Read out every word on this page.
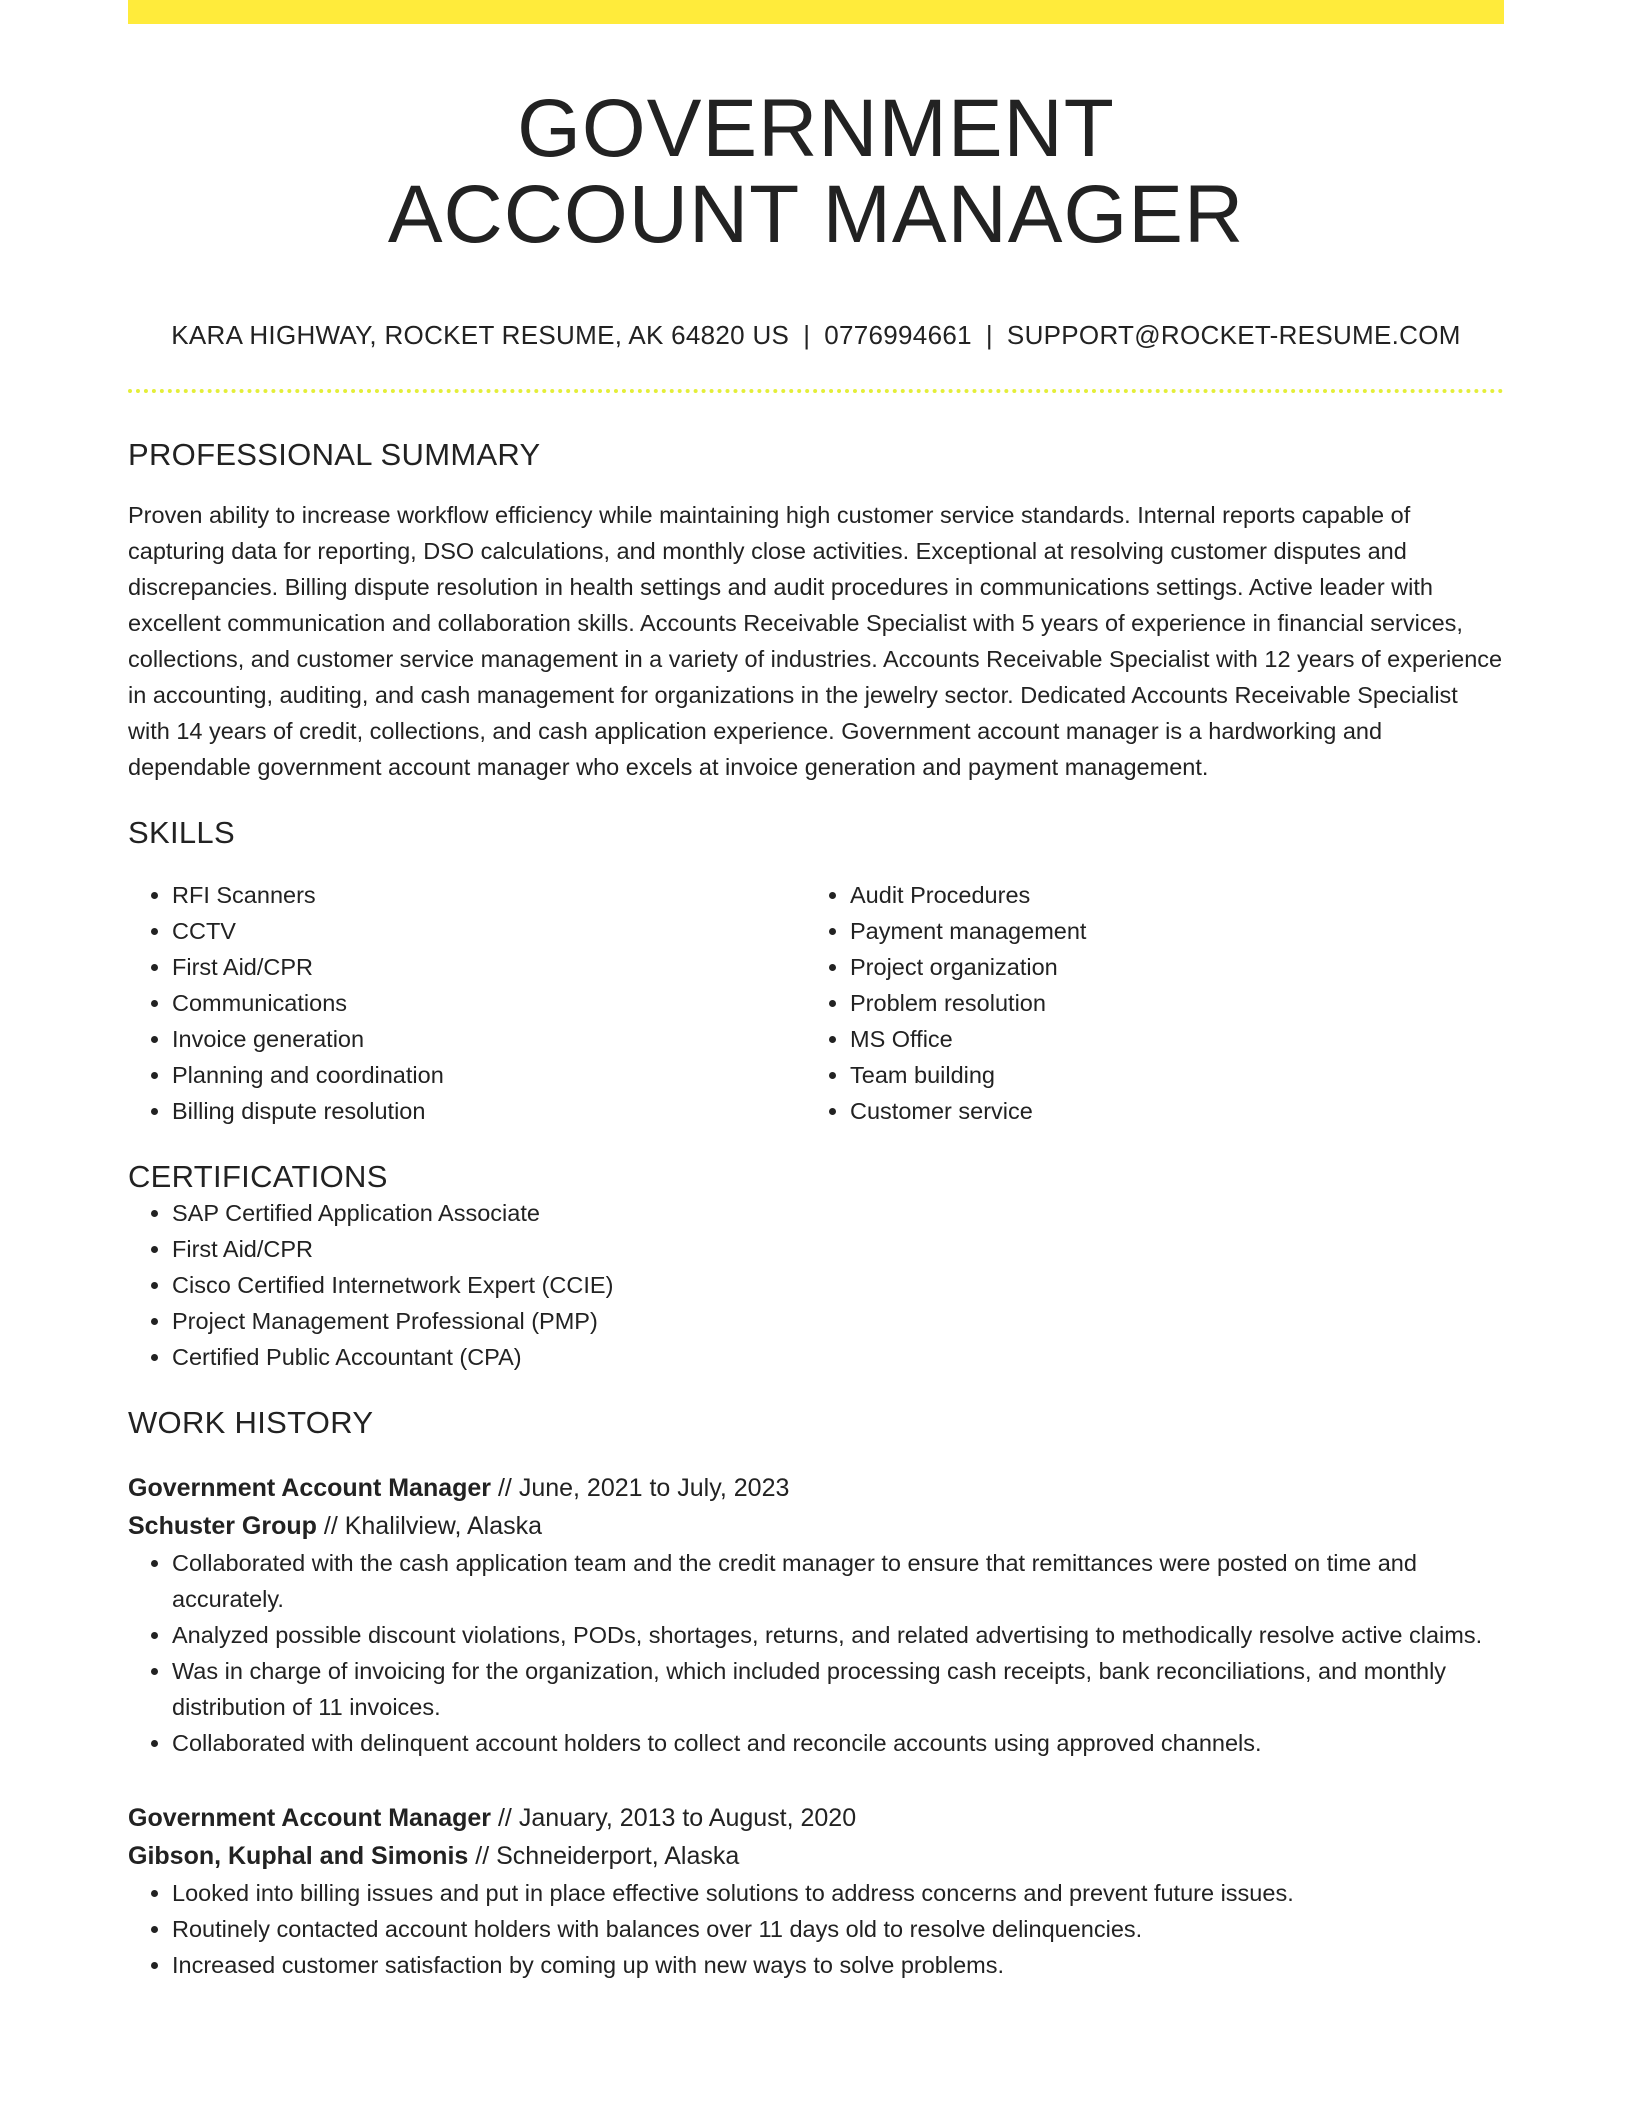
GOVERNMENT
ACCOUNT MANAGER
KARA HIGHWAY, ROCKET RESUME, AK 64820 US | 0776994661 | SUPPORT@ROCKET-RESUME.COM
PROFESSIONAL SUMMARY
Proven ability to increase workflow efficiency while maintaining high customer service standards. Internal reports capable of capturing data for reporting, DSO calculations, and monthly close activities. Exceptional at resolving customer disputes and discrepancies. Billing dispute resolution in health settings and audit procedures in communications settings. Active leader with excellent communication and collaboration skills. Accounts Receivable Specialist with 5 years of experience in financial services, collections, and customer service management in a variety of industries. Accounts Receivable Specialist with 12 years of experience in accounting, auditing, and cash management for organizations in the jewelry sector. Dedicated Accounts Receivable Specialist with 14 years of credit, collections, and cash application experience. Government account manager is a hardworking and dependable government account manager who excels at invoice generation and payment management.
SKILLS
• RFI Scanners
• CCTV
• First Aid/CPR
• Communications
• Invoice generation
• Planning and coordination
• Billing dispute resolution
• Audit Procedures
• Payment management
• Project organization
• Problem resolution
• MS Office
• Team building
• Customer service
CERTIFICATIONS
• SAP Certified Application Associate
• First Aid/CPR
• Cisco Certified Internetwork Expert (CCIE)
• Project Management Professional (PMP)
• Certified Public Accountant (CPA)
WORK HISTORY
Government Account Manager // June, 2021 to July, 2023
Schuster Group // Khalilview, Alaska
• Collaborated with the cash application team and the credit manager to ensure that remittances were posted on time and accurately.
• Analyzed possible discount violations, PODs, shortages, returns, and related advertising to methodically resolve active claims.
• Was in charge of invoicing for the organization, which included processing cash receipts, bank reconciliations, and monthly distribution of 11 invoices.
• Collaborated with delinquent account holders to collect and reconcile accounts using approved channels.
Government Account Manager // January, 2013 to August, 2020
Gibson, Kuphal and Simonis // Schneiderport, Alaska
• Looked into billing issues and put in place effective solutions to address concerns and prevent future issues.
• Routinely contacted account holders with balances over 11 days old to resolve delinquencies.
• Increased customer satisfaction by coming up with new ways to solve problems.
